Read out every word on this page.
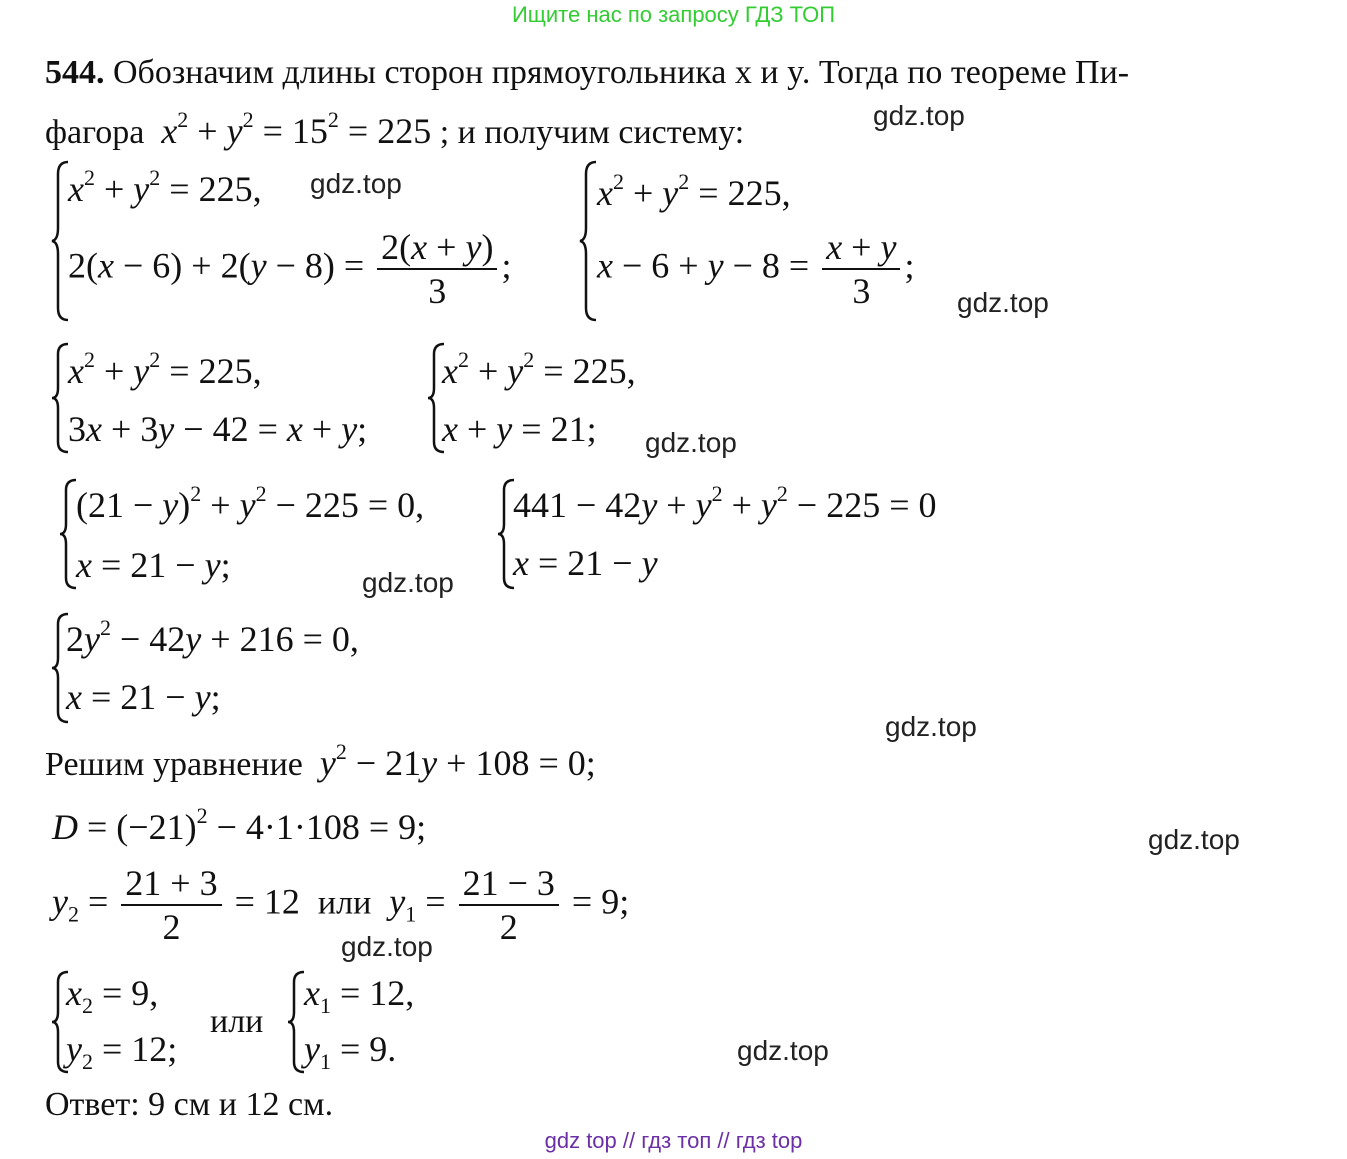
Ищите нас по запросу ГДЗ ТОП
544. Обозначим длины сторон прямоугольника x и y. Тогда по теореме Пи-
фагора $x^2 + y^2 = 15^2 = 225$ ; и получим систему:	gdz.top
$x^2 + y^2 = 225$, gdz.top
$2(x - 6) + 2(y - 8) = \frac{2(x + y)}{3}$ ;
$x^2 + y^2 = 225$,
$x - 6 + y - 8 = \frac{x + y}{3}$ ;
gdz.top
$x^2 + y^2 = 225$,
3x + 3y − 42 = x + y;
$x^2 + y^2 = 225$,
x + y = 21; gdz.top
$(21 - y)^2 + y^2 - 225 = 0$,
x = 21 − y;	gdz.top
$441 - 42y + y^2 + y^2 - 225 = 0$
x = 21 − y
$2y^2 - 42y + 216 = 0$,
x = 21 − y;
gdz.top
Решим уравнение $y^2 - 21y + 108 = 0$;
$D = (-21)^2 - 4\cdot 1\cdot 108 = 9$;	gdz.top
$y_2 = \frac{21 + 3}{2} = 12$  или $y_1 = \frac{21 - 3}{2} = 9$;
gdz.top
$x_2 = 9$,
$y_2 = 12$;
или
$x_1 = 12$,
$y_1 = 9$.	gdz.top
Ответ: 9 см и 12 см.
gdz top // гдз топ // гдз top
